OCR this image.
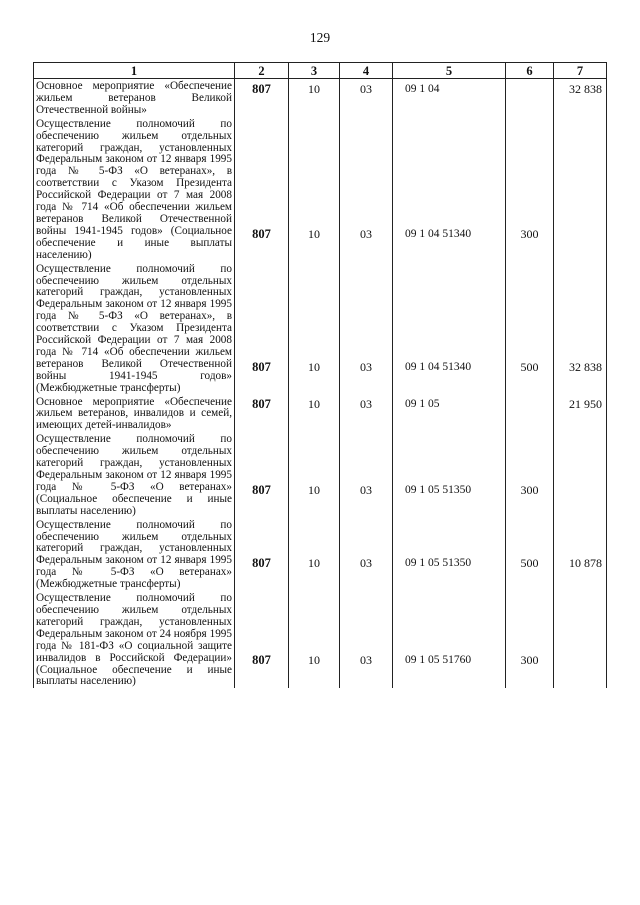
129
1	2	3	4	5	6	7
Основное мероприятие «Обеспечение жильем ветеранов Великой Отечественной войны»	807	10	03	09 1 04		32 838
Осуществление полномочий по обеспечению жильем отдельных категорий граждан, установленных Федеральным законом от 12 января 1995 года № 5-ФЗ «О ветеранах», в соответствии с Указом Президента Российской Федерации от 7 мая 2008 года № 714 «Об обеспечении жильем ветеранов Великой Отечественной войны 1941-1945 годов» (Социальное обеспечение и иные выплаты населению)	807	10	03	09 1 04 51340	300	
Осуществление полномочий по обеспечению жильем отдельных категорий граждан, установленных Федеральным законом от 12 января 1995 года № 5-ФЗ «О ветеранах», в соответствии с Указом Президента Российской Федерации от 7 мая 2008 года № 714 «Об обеспечении жильем ветеранов Великой Отечественной войны 1941-1945 годов» (Межбюджетные трансферты)	807	10	03	09 1 04 51340	500	32 838
Основное мероприятие «Обеспечение жильем ветеранов, инвалидов и семей, имеющих детей-инвалидов»	807	10	03	09 1 05		21 950
Осуществление полномочий по обеспечению жильем отдельных категорий граждан, установленных Федеральным законом от 12 января 1995 года № 5-ФЗ «О ветеранах» (Социальное обеспечение и иные выплаты населению)	807	10	03	09 1 05 51350	300	
Осуществление полномочий по обеспечению жильем отдельных категорий граждан, установленных Федеральным законом от 12 января 1995 года № 5-ФЗ «О ветеранах» (Межбюджетные трансферты)	807	10	03	09 1 05 51350	500	10 878
Осуществление полномочий по обеспечению жильем отдельных категорий граждан, установленных Федеральным законом от 24 ноября 1995 года № 181-ФЗ «О социальной защите инвалидов в Российской Федерации» (Социальное обеспечение и иные выплаты населению)	807	10	03	09 1 05 51760	300	
